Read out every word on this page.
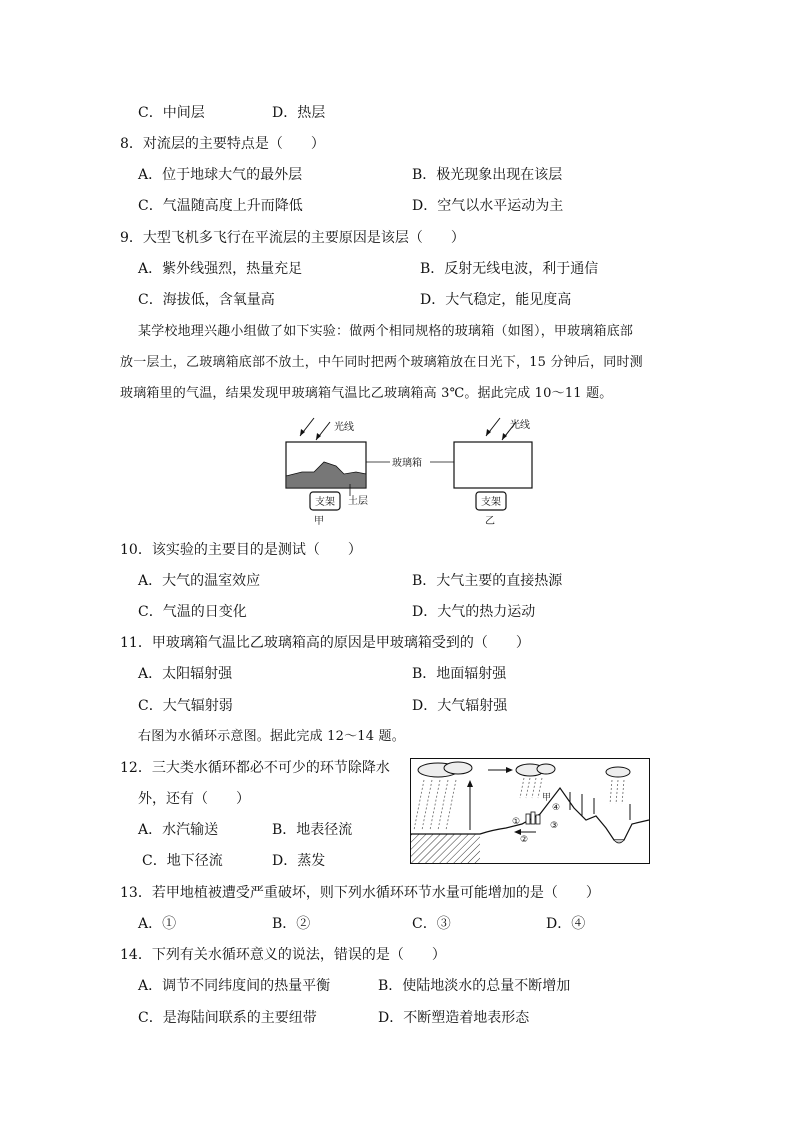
C．中间层	D．热层
8．对流层的主要特点是（　　）
A．位于地球大气的最外层	B．极光现象出现在该层
C．气温随高度上升而降低	D．空气以水平运动为主
9．大型飞机多飞行在平流层的主要原因是该层（　　）
A．紫外线强烈，热量充足	B．反射无线电波，利于通信
C．海拔低，含氧量高	D．大气稳定，能见度高
某学校地理兴趣小组做了如下实验：做两个相同规格的玻璃箱（如图），甲玻璃箱底部
放一层土，乙玻璃箱底部不放土，中午同时把两个玻璃箱放在日光下，15 分钟后，同时测
玻璃箱里的气温，结果发现甲玻璃箱气温比乙玻璃箱高 3℃。据此完成 10～11 题。
光线
支架
甲
土层
玻璃箱
光线
支架
乙
10．该实验的主要目的是测试（　　）
A．大气的温室效应	B．大气主要的直接热源
C．气温的日变化	D．大气的热力运动
11．甲玻璃箱气温比乙玻璃箱高的原因是甲玻璃箱受到的（　　）
A．太阳辐射强	B．地面辐射强
C．大气辐射弱	D．大气辐射强
右图为水循环示意图。据此完成 12～14 题。
12．三大类水循环都必不可少的环节除降水
外，还有（　　）
A．水汽输送	B．地表径流
C．地下径流	D．蒸发
甲
①
②
③
④
13．若甲地植被遭受严重破坏，则下列水循环环节水量可能增加的是（　　）
A．①	B．②	C．③	D．④
14．下列有关水循环意义的说法，错误的是（　　）
A．调节不同纬度间的热量平衡	B．使陆地淡水的总量不断增加
C．是海陆间联系的主要纽带	D．不断塑造着地表形态
